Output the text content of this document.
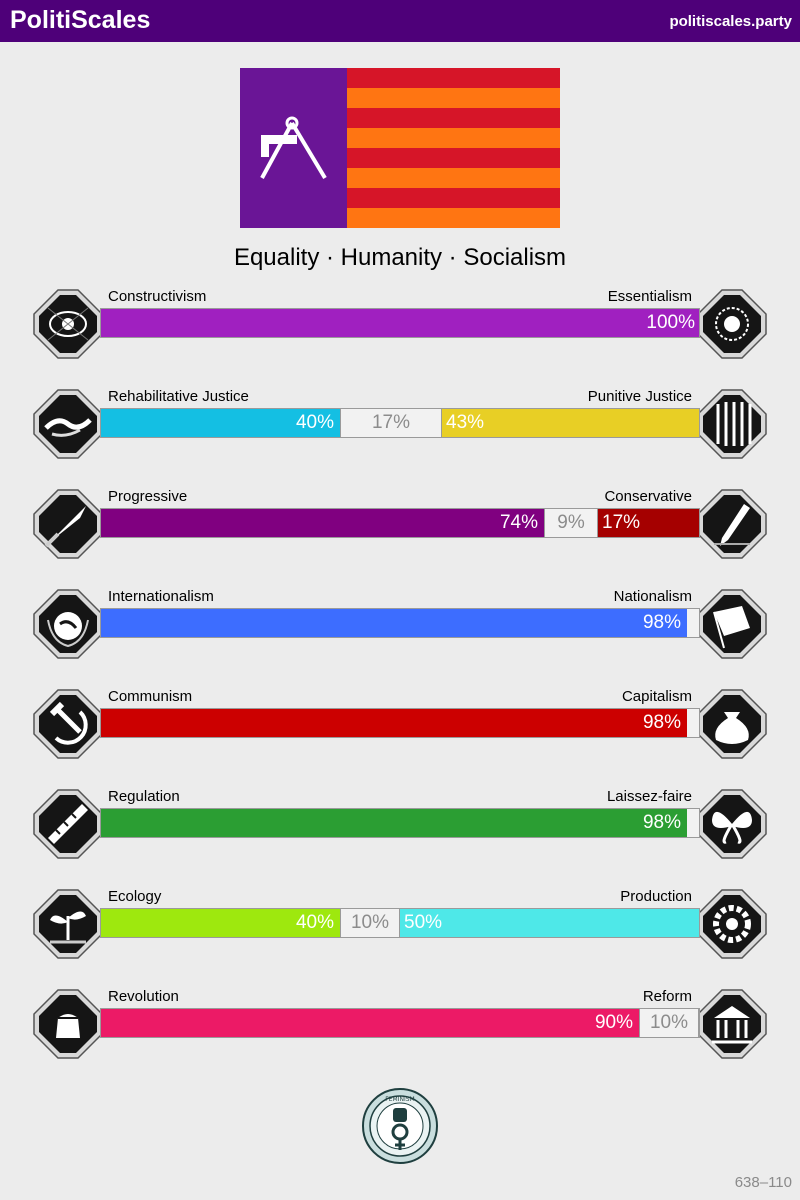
PolitiScales	politiscales.party
Equality · Humanity · Socialism
Constructivism	Essentialism
100%
Rehabilitative Justice	Punitive Justice
40%	17%	43%
Progressive	Conservative
74%	9% 17%
Internationalism	Nationalism
98%
Communism	Capitalism
98%
Regulation	Laissez-faire
98%
Ecology	Production
40% 10% 50%
Revolution	Reform
90% 10%
FEMINISM
638–110
